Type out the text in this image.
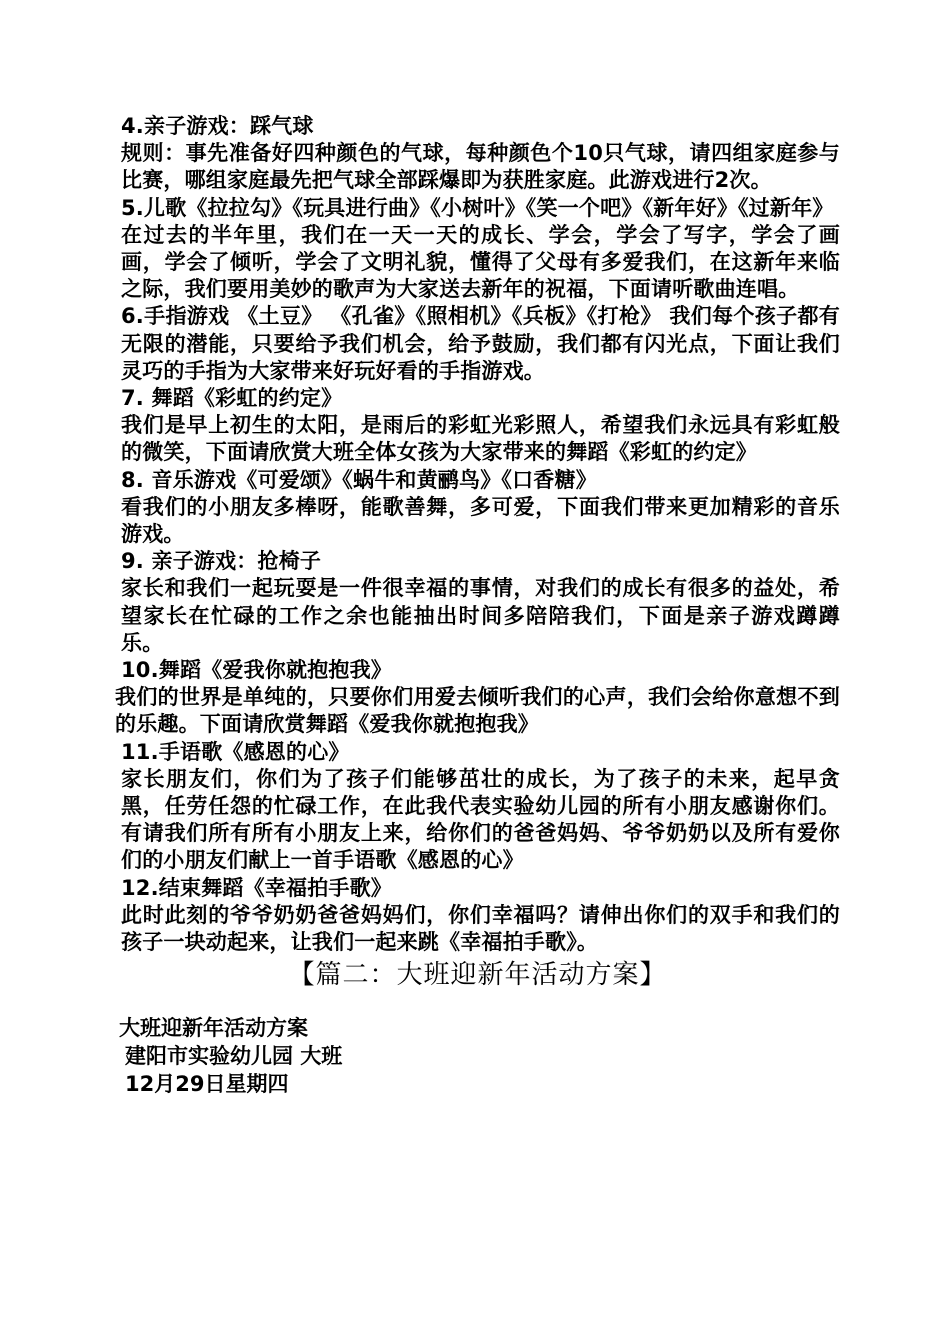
4.亲子游戏：踩气球

规则：事先准备好四种颜色的气球，每种颜色个10只气球，请四组家庭参与比赛，哪组家庭最先把气球全部踩爆即为获胜家庭。此游戏进行2次。

5.儿歌《拉拉勾》《玩具进行曲》《小树叶》《笑一个吧》《新年好》《过新年》

在过去的半年里，我们在一天一天的成长、学会，学会了写字，学会了画画，学会了倾听，学会了文明礼貌，懂得了父母有多爱我们，在这新年来临之际，我们要用美妙的歌声为大家送去新年的祝福，下面请听歌曲连唱。

6.手指游戏 《土豆》 《孔雀》《照相机》《兵板》《打枪》 我们每个孩子都有无限的潜能，只要给予我们机会，给予鼓励，我们都有闪光点，下面让我们灵巧的手指为大家带来好玩好看的手指游戏。

7. 舞蹈《彩虹的约定》

我们是早上初生的太阳，是雨后的彩虹光彩照人，希望我们永远具有彩虹般的微笑，下面请欣赏大班全体女孩为大家带来的舞蹈《彩虹的约定》

8. 音乐游戏《可爱颂》《蜗牛和黄鹂鸟》《口香糖》

看我们的小朋友多棒呀，能歌善舞，多可爱，下面我们带来更加精彩的音乐游戏。

9. 亲子游戏：抢椅子

家长和我们一起玩耍是一件很幸福的事情，对我们的成长有很多的益处，希望家长在忙碌的工作之余也能抽出时间多陪陪我们，下面是亲子游戏蹲蹲乐。

10.舞蹈《爱我你就抱抱我》

我们的世界是单纯的，只要你们用爱去倾听我们的心声，我们会给你意想不到的乐趣。下面请欣赏舞蹈《爱我你就抱抱我》

11.手语歌《感恩的心》

家长朋友们，你们为了孩子们能够茁壮的成长，为了孩子的未来，起早贪黑，任劳任怨的忙碌工作，在此我代表实验幼儿园的所有小朋友感谢你们。有请我们所有所有小朋友上来，给你们的爸爸妈妈、爷爷奶奶以及所有爱你们的小朋友们献上一首手语歌《感恩的心》

12.结束舞蹈《幸福拍手歌》

此时此刻的爷爷奶奶爸爸妈妈们，你们幸福吗？请伸出你们的双手和我们的孩子一块动起来，让我们一起来跳《幸福拍手歌》。

【篇二：大班迎新年活动方案】

大班迎新年活动方案

建阳市实验幼儿园 大班

12月29日星期四
